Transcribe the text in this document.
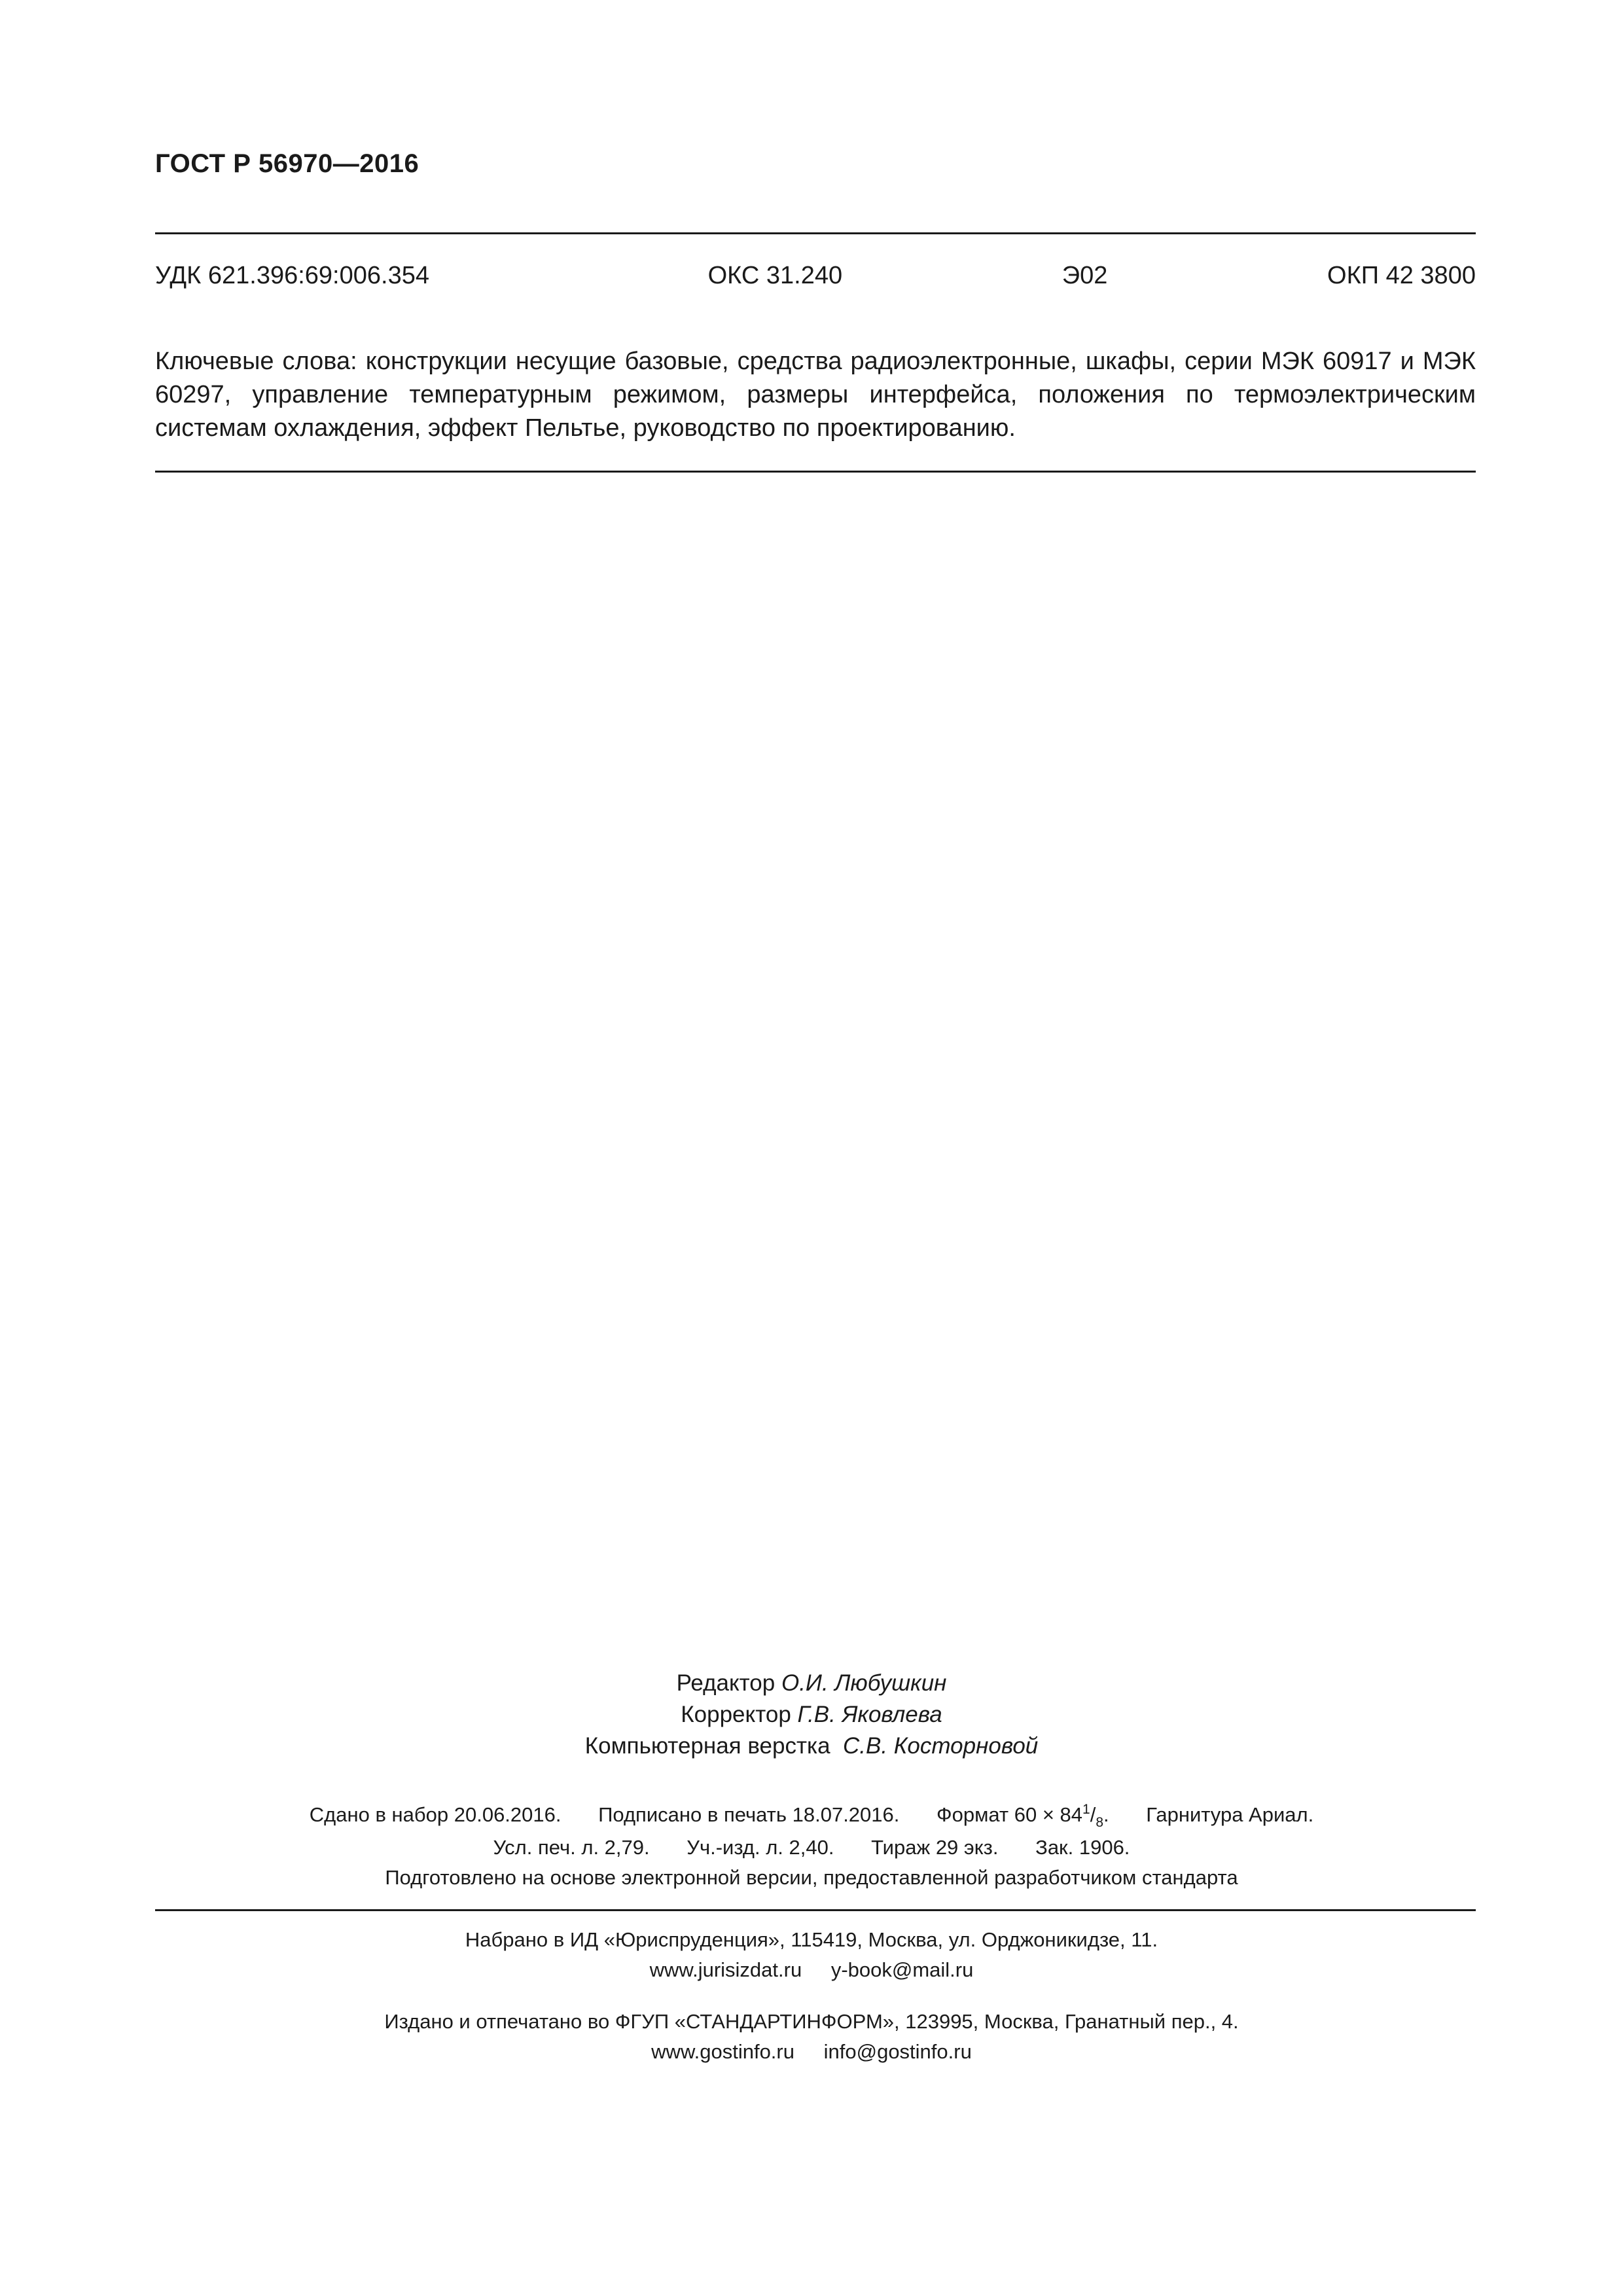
ГОСТ Р 56970—2016
УДК 621.396:69:006.354	ОКС 31.240	Э02	ОКП 42 3800
Ключевые слова: конструкции несущие базовые, средства радиоэлектронные, шкафы, серии МЭК 60917 и МЭК 60297, управление температурным режимом, размеры интерфейса, положения по термоэлектрическим системам охлаждения, эффект Пельтье, руководство по проектированию.
Редактор О.И. Любушкин
Корректор Г.В. Яковлева
Компьютерная верстка С.В. Косторновой
Сдано в набор 20.06.2016. Подписано в печать 18.07.2016. Формат $60 \times 84^1/_8$. Гарнитура Ариал.
Усл. печ. л. 2,79. Уч.-изд. л. 2,40. Тираж 29 экз. Зак. 1906.
Подготовлено на основе электронной версии, предоставленной разработчиком стандарта
Набрано в ИД «Юриспруденция», 115419, Москва, ул. Орджоникидзе, 11.
www.jurisizdat.ru y-book@mail.ru
Издано и отпечатано во ФГУП «СТАНДАРТИНФОРМ», 123995, Москва, Гранатный пер., 4.
www.gostinfo.ru info@gostinfo.ru
